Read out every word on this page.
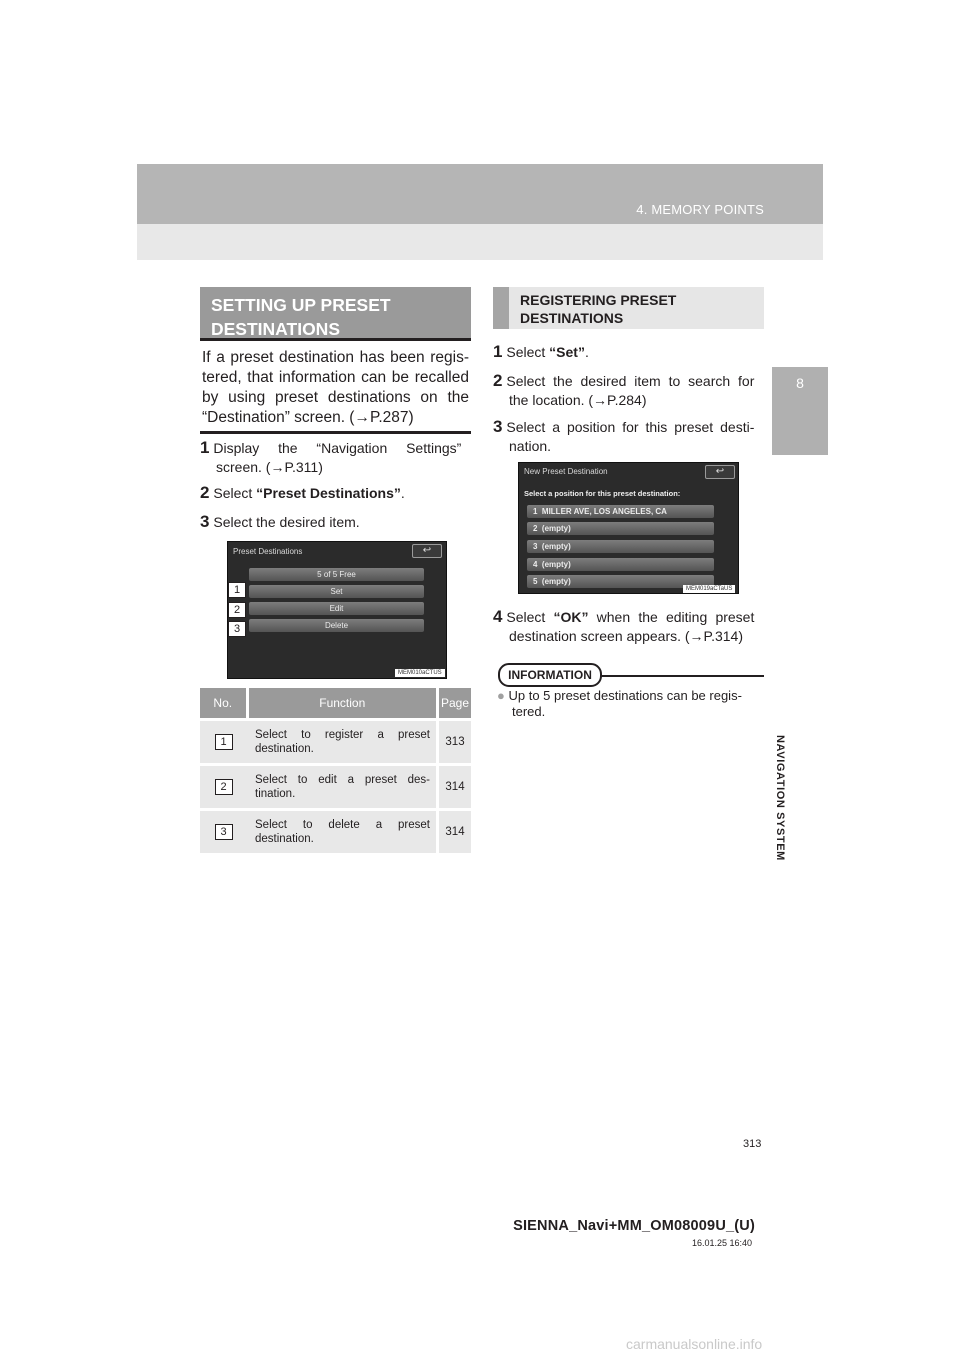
4. MEMORY POINTS
8
NAVIGATION SYSTEM
SETTING UP PRESET
DESTINATIONS

If a preset destination has been regis-tered, that information can be recalled by using preset destinations on the “Destination” screen. (→P.287)

1 Display the “Navigation Settings”
screen. (→P.311)
2 Select “Preset Destinations”.
3 Select the desired item.
Preset Destinations	↩
5 of 5 Free
Set
Edit
Delete
MEM010aCTUS
1
2
3
No.	Function	Page
1	Select to register a preset destination.	313
2	Select to edit a preset des-tination.	314
3	Select to delete a preset destination.	314
REGISTERING PRESET
DESTINATIONS
1 Select “Set”.
2 Select the desired item to search for
the location. (→P.284)
3 Select a position for this preset desti-
nation.
New Preset Destination	↩
Select a position for this preset destination:
1 MILLER AVE, LOS ANGELES, CA
2 (empty)
3 (empty)
4 (empty)
5 (empty)
MEM019aCTaUS
4 Select “OK” when the editing preset
destination screen appears. (→P.314)
INFORMATION
● Up to 5 preset destinations can be regis-
tered.
313
SIENNA_Navi+MM_OM08009U_(U)
16.01.25 16:40
carmanualsonline.info
